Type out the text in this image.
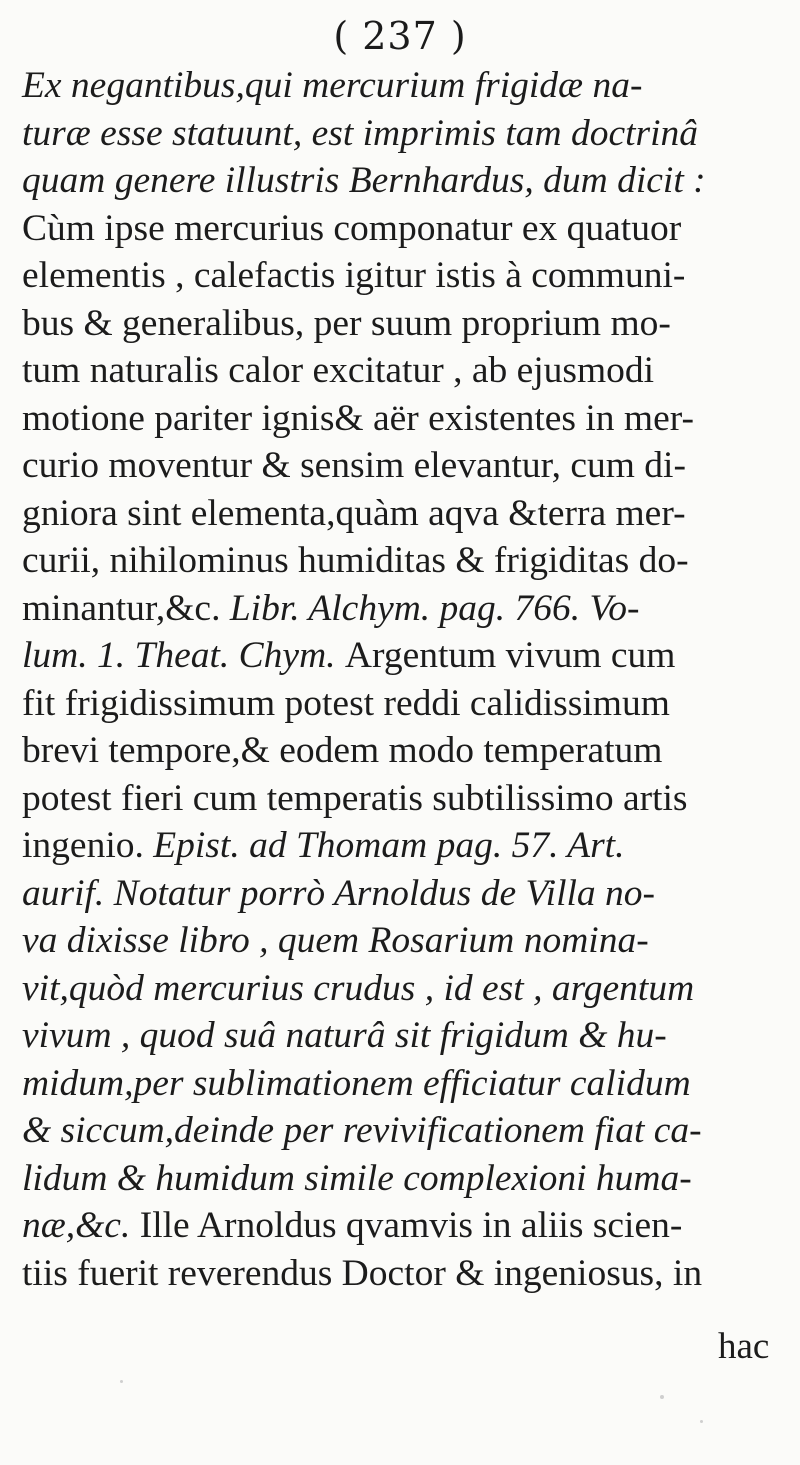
( 237 )
Ex negantibus,qui mercurium frigidæ na-
turæ esse statuunt, est imprimis tam doctrinâ
quam genere illustris Bernhardus, dum dicit :
Cùm ipse mercurius componatur ex quatuor
elementis , calefactis igitur istis à communi-
bus & generalibus, per suum proprium mo-
tum naturalis calor excitatur , ab ejusmodi
motione pariter ignis& aër existentes in mer-
curio moventur & sensim elevantur, cum di-
gniora sint elementa,quàm aqva &terra mer-
curii, nihilominus humiditas & frigiditas do-
minantur,&c. Libr. Alchym. pag. 766. Vo-
lum. 1. Theat. Chym. Argentum vivum cum
fit frigidissimum potest reddi calidissimum
brevi tempore,& eodem modo temperatum
potest fieri cum temperatis subtilissimo artis
ingenio. Epist. ad Thomam pag. 57. Art.
aurif. Notatur porrò Arnoldus de Villa no-
va dixisse libro , quem Rosarium nomina-
vit,quòd mercurius crudus , id est , argentum
vivum , quod suâ naturâ sit frigidum & hu-
midum,per sublimationem efficiatur calidum
& siccum,deinde per revivificationem fiat ca-
lidum & humidum simile complexioni huma-
næ,&c. Ille Arnoldus qvamvis in aliis scien-
tiis fuerit reverendus Doctor & ingeniosus, in
hac
